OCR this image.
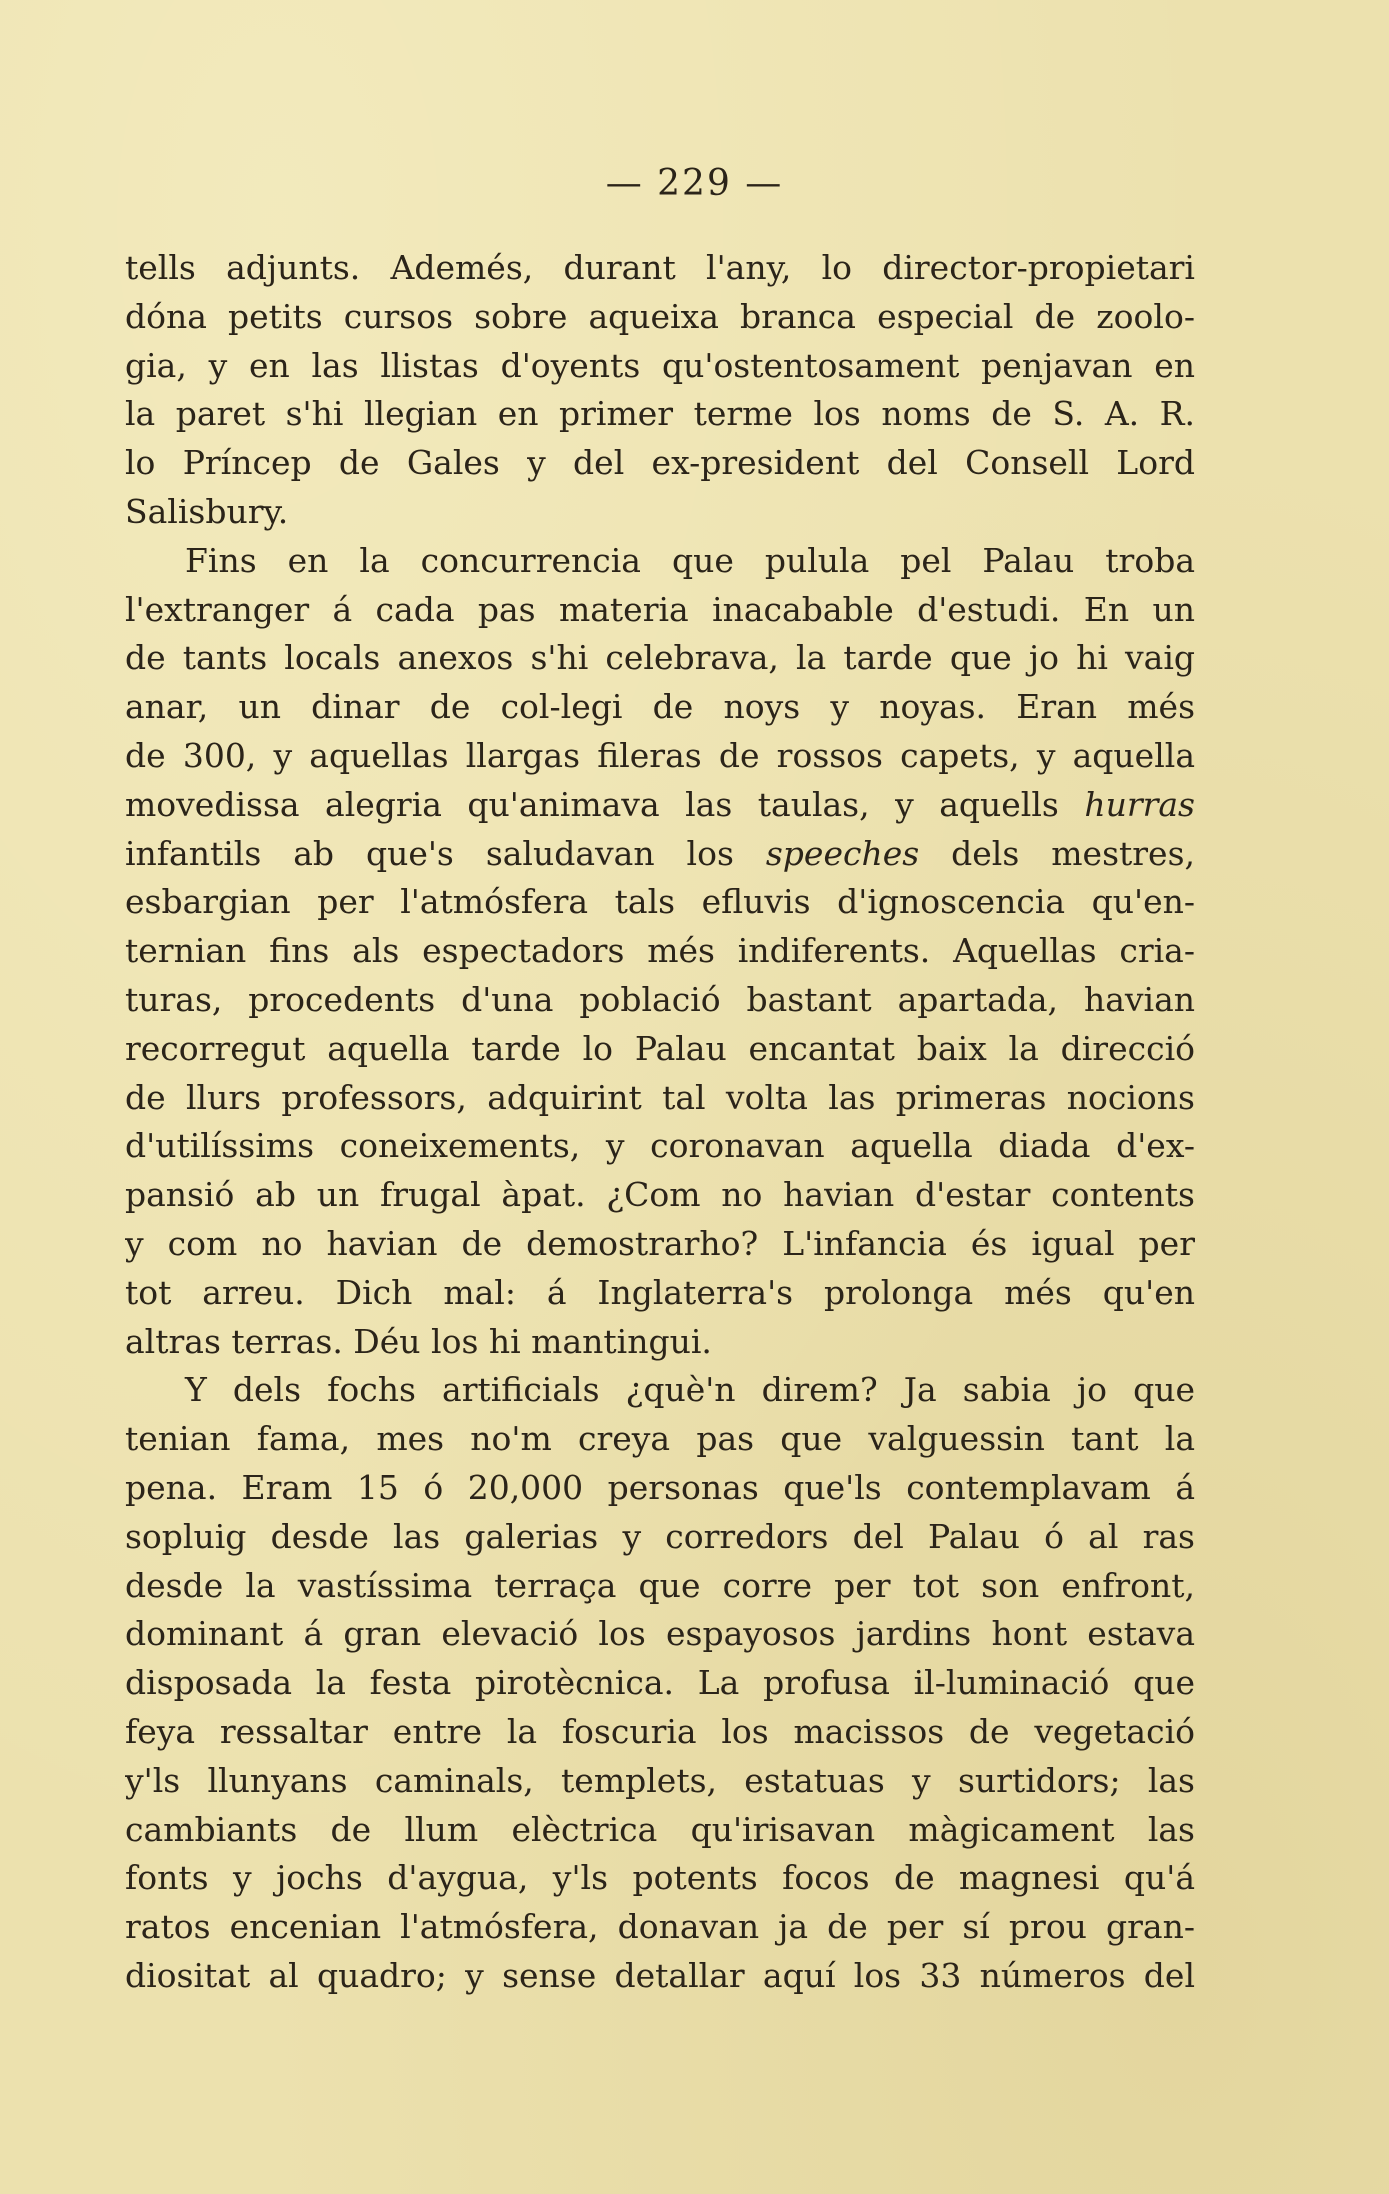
— 229 —
tells adjunts. Ademés, durant l'any, lo director-propietari
dóna petits cursos sobre aqueixa branca especial de zoolo-
gia, y en las llistas d'oyents qu'ostentosament penjavan en
la paret s'hi llegian en primer terme los noms de S. A. R.
lo Príncep de Gales y del ex-president del Consell Lord
Salisbury.
Fins en la concurrencia que pulula pel Palau troba
l'extranger á cada pas materia inacabable d'estudi. En un
de tants locals anexos s'hi celebrava, la tarde que jo hi vaig
anar, un dinar de col-legi de noys y noyas. Eran més
de 300, y aquellas llargas fileras de rossos capets, y aquella
movedissa alegria qu'animava las taulas, y aquells hurras
infantils ab que's saludavan los speeches dels mestres,
esbargian per l'atmósfera tals efluvis d'ignoscencia qu'en-
ternian fins als espectadors més indiferents. Aquellas cria-
turas, procedents d'una població bastant apartada, havian
recorregut aquella tarde lo Palau encantat baix la direcció
de llurs professors, adquirint tal volta las primeras nocions
d'utilíssims coneixements, y coronavan aquella diada d'ex-
pansió ab un frugal àpat. ¿Com no havian d'estar contents
y com no havian de demostrarho? L'infancia és igual per
tot arreu. Dich mal: á Inglaterra's prolonga més qu'en
altras terras. Déu los hi mantingui.
Y dels fochs artificials ¿què'n direm? Ja sabia jo que
tenian fama, mes no'm creya pas que valguessin tant la
pena. Eram 15 ó 20,000 personas que'ls contemplavam á
sopluig desde las galerias y corredors del Palau ó al ras
desde la vastíssima terraça que corre per tot son enfront,
dominant á gran elevació los espayosos jardins hont estava
disposada la festa pirotècnica. La profusa il-luminació que
feya ressaltar entre la foscuria los macissos de vegetació
y'ls llunyans caminals, templets, estatuas y surtidors; las
cambiants de llum elèctrica qu'irisavan màgicament las
fonts y jochs d'aygua, y'ls potents focos de magnesi qu'á
ratos encenian l'atmósfera, donavan ja de per sí prou gran-
diositat al quadro; y sense detallar aquí los 33 números del
